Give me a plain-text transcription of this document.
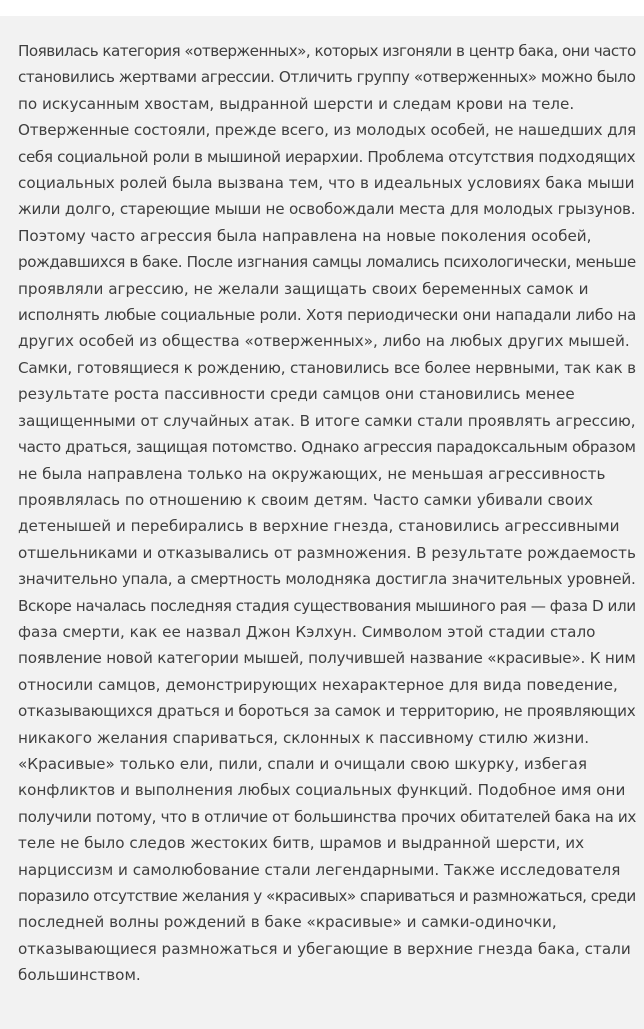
Появилась категория «отверженных», которых изгоняли в центр бака, они часто
становились жертвами агрессии. Отличить группу «отверженных» можно было
по искусанным хвостам, выдранной шерсти и следам крови на теле.
Отверженные состояли, прежде всего, из молодых особей, не нашедших для
себя социальной роли в мышиной иерархии. Проблема отсутствия подходящих
социальных ролей была вызвана тем, что в идеальных условиях бака мыши
жили долго, стареющие мыши не освобождали места для молодых грызунов.
Поэтому часто агрессия была направлена на новые поколения особей,
рождавшихся в баке. После изгнания самцы ломались психологически, меньше
проявляли агрессию, не желали защищать своих беременных самок и
исполнять любые социальные роли. Хотя периодически они нападали либо на
других особей из общества «отверженных», либо на любых других мышей.
Самки, готовящиеся к рождению, становились все более нервными, так как в
результате роста пассивности среди самцов они становились менее
защищенными от случайных атак. В итоге самки стали проявлять агрессию,
часто драться, защищая потомство. Однако агрессия парадоксальным образом
не была направлена только на окружающих, не меньшая агрессивность
проявлялась по отношению к своим детям. Часто самки убивали своих
детенышей и перебирались в верхние гнезда, становились агрессивными
отшельниками и отказывались от размножения. В результате рождаемость
значительно упала, а смертность молодняка достигла значительных уровней.
Вскоре началась последняя стадия существования мышиного рая — фаза D или
фаза смерти, как ее назвал Джон Кэлхун. Символом этой стадии стало
появление новой категории мышей, получившей название «красивые». К ним
относили самцов, демонстрирующих нехарактерное для вида поведение,
отказывающихся драться и бороться за самок и территорию, не проявляющих
никакого желания спариваться, склонных к пассивному стилю жизни.
«Красивые» только ели, пили, спали и очищали свою шкурку, избегая
конфликтов и выполнения любых социальных функций. Подобное имя они
получили потому, что в отличие от большинства прочих обитателей бака на их
теле не было следов жестоких битв, шрамов и выдранной шерсти, их
нарциссизм и самолюбование стали легендарными. Также исследователя
поразило отсутствие желания у «красивых» спариваться и размножаться, среди
последней волны рождений в баке «красивые» и самки-одиночки,
отказывающиеся размножаться и убегающие в верхние гнезда бака, стали
большинством.
